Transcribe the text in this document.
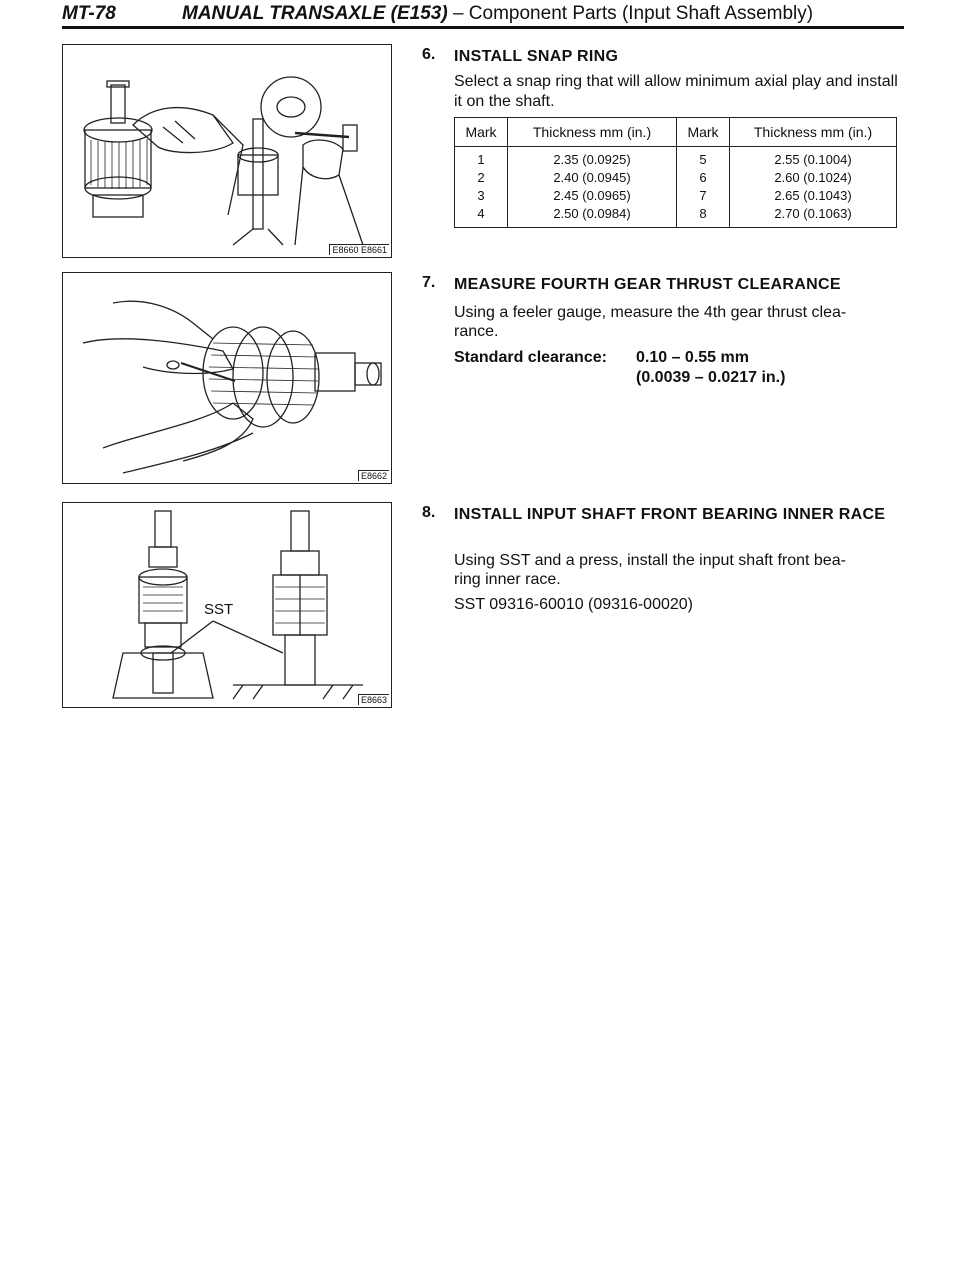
MT-78	MANUAL TRANSAXLE (E153) – Component Parts (Input Shaft Assembly)
E8660 E8661
E8662
SST
E8663
6. INSTALL SNAP RING
Select a snap ring that will allow minimum axial play and install it on the shaft.
Mark	Thickness mm (in.)	Mark	Thickness mm (in.)
1	2.35 (0.0925)	5	2.55 (0.1004)
2	2.40 (0.0945)	6	2.60 (0.1024)
3	2.45 (0.0965)	7	2.65 (0.1043)
4	2.50 (0.0984)	8	2.70 (0.1063)
7. MEASURE FOURTH GEAR THRUST CLEARANCE
Using a feeler gauge, measure the 4th gear thrust clea-
rance.
Standard clearance: 0.10 – 0.55 mm
(0.0039 – 0.0217 in.)
8. INSTALL INPUT SHAFT FRONT BEARING INNER RACE
Using SST and a press, install the input shaft front bea-
ring inner race.
SST 09316-60010 (09316-00020)
